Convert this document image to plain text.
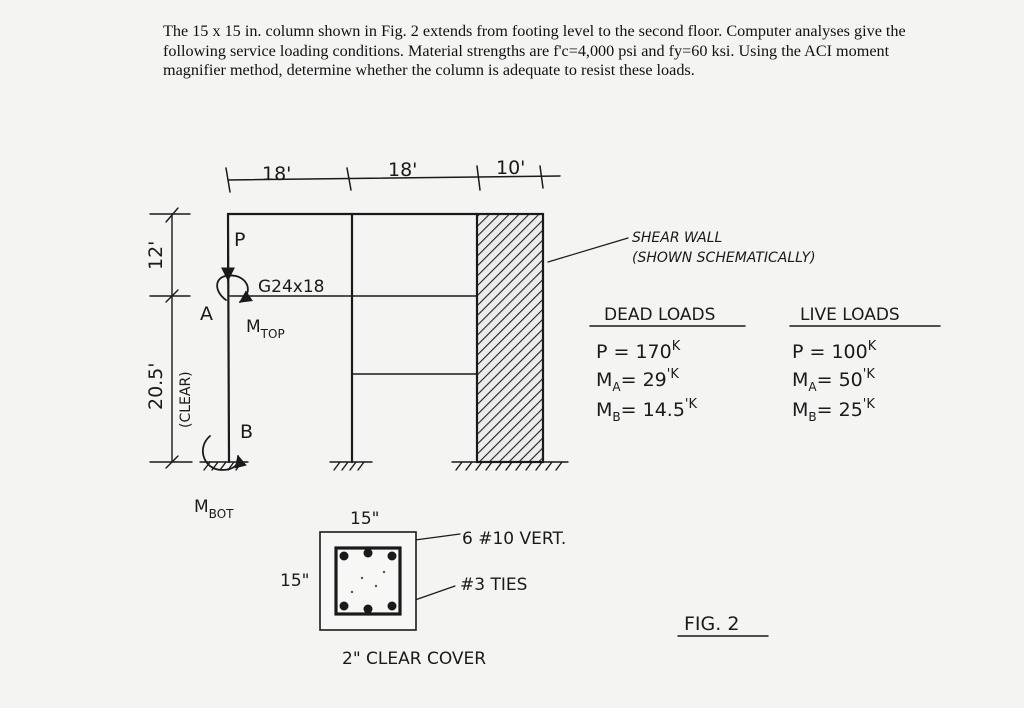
The 15 x 15 in. column shown in Fig. 2 extends from footing level to the second floor. Computer analyses give the following service loading conditions. Material strengths are f'c=4,000 psi and fy=60 ksi. Using the ACI moment magnifier method, determine whether the column is adequate to resist these loads.

18'	18'	10'
12'
20.5' (CLEAR)
P
G24x18
A
$M_{TOP}$
B
$M_{BOT}$
SHEAR WALL
(SHOWN SCHEMATICALLY)
DEAD LOADS
$P = 170^K$
$M_A= 29^{'K}$
$M_B= 14.5^{'K}$
LIVE LOADS
$P = 100^K$
$M_A= 50^{'K}$
$M_B= 25^{'K}$
15"
15"
6 #10 VERT.
#3 TIES
2" CLEAR COVER
FIG. 2
